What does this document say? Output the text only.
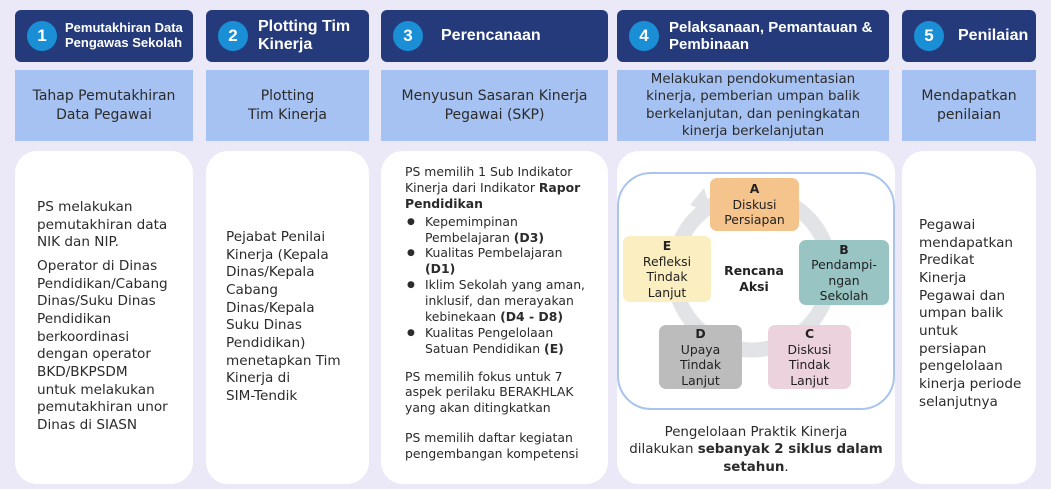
1	Pemutakhiran Data
Pengawas Sekolah	2	Plotting Tim
Kinerja	3	Perencanaan	4	Pelaksanaan, Pemantauan &
Pembinaan	5	Penilaian
Tahap Pemutakhiran
Data Pegawai
Plotting
Tim Kinerja
Menyusun Sasaran Kinerja
Pegawai (SKP)
Melakukan pendokumentasian
kinerja, pemberian umpan balik
berkelanjutan, dan peningkatan
kinerja berkelanjutan
Mendapatkan
penilaian
PS melakukan
pemutakhiran data
NIK dan NIP.
Operator di Dinas
Pendidikan/Cabang
Dinas/Suku Dinas
Pendidikan
berkoordinasi
dengan operator
BKD/BKPSDM
untuk melakukan
pemutakhiran unor
Dinas di SIASN
Pejabat Penilai
Kinerja (Kepala
Dinas/Kepala
Cabang
Dinas/Kepala
Suku Dinas
Pendidikan)
menetapkan Tim
Kinerja di
SIM-Tendik
PS memilih 1 Sub Indikator
Kinerja dari Indikator Rapor
Pendidikan
● Kepemimpinan
Pembelajaran (D3)
● Kualitas Pembelajaran
(D1)
● Iklim Sekolah yang aman,
inklusif, dan merayakan
kebinekaan (D4 - D8)
● Kualitas Pengelolaan
Satuan Pendidikan (E)
PS memilih fokus untuk 7
aspek perilaku BERAKHLAK
yang akan ditingkatkan
PS memilih daftar kegiatan
pengembangan kompetensi
A
Diskusi
Persiapan
B
Pendampi-
ngan
Sekolah
C
Diskusi
Tindak
Lanjut
D
Upaya
Tindak
Lanjut
E
Refleksi
Tindak
Lanjut
Rencana
Aksi
Pengelolaan Praktik Kinerja
dilakukan sebanyak 2 siklus dalam
setahun.
Pegawai
mendapatkan
Predikat
Kinerja
Pegawai dan
umpan balik
untuk
persiapan
pengelolaan
kinerja periode
selanjutnya
